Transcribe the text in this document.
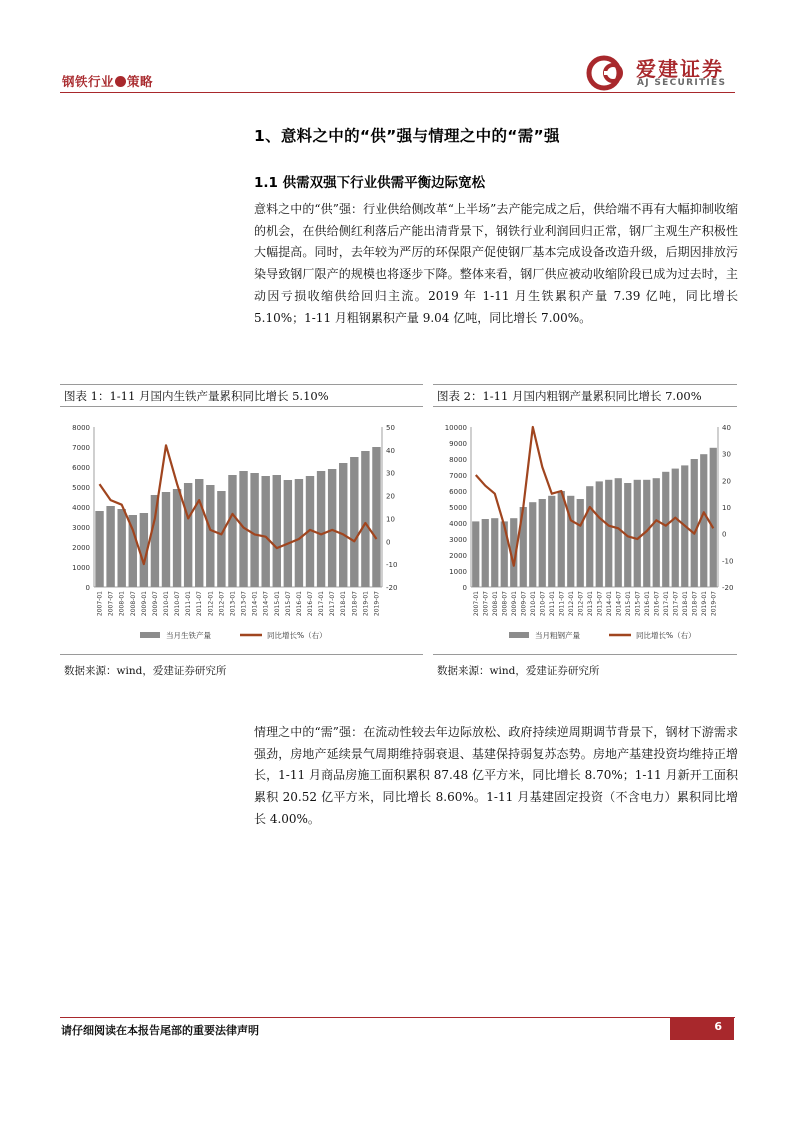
钢铁行业 策略
爱建证券
AJ SECURITIES
1、意料之中的“供”强与情理之中的“需”强
1.1 供需双强下行业供需平衡边际宽松
意料之中的“供”强：行业供给侧改革“上半场”去产能完成之后，供给端不再有大幅抑制收缩的机会，在供给侧红利落后产能出清背景下，钢铁行业利润回归正常，钢厂主观生产积极性大幅提高。同时，去年较为严厉的环保限产促使钢厂基本完成设备改造升级，后期因排放污染导致钢厂限产的规模也将逐步下降。整体来看，钢厂供应被动收缩阶段已成为过去时，主动因亏损收缩供给回归主流。2019 年 1-11 月生铁累积产量 7.39 亿吨，同比增长 5.10%；1-11 月粗钢累积产量 9.04 亿吨，同比增长 7.00%。
图表 1：1-11 月国内生铁产量累积同比增长 5.10%
0
1000
2000
3000
4000
5000
6000
7000
8000
-20
-10
0
10
20
30
40
50
2007-01 2007-07 2008-01 2008-07 2009-01 2009-07 2010-01 2010-07 2011-01 2011-07 2012-01 2012-07 2013-01 2013-07 2014-01 2014-07 2015-01 2015-07 2016-01 2016-07 2017-01 2017-07 2018-01 2018-07 2019-01 2019-07
当月生铁产量	同比增长%（右）
数据来源：wind，爱建证券研究所
图表 2：1-11 月国内粗钢产量累积同比增长 7.00%
0
1000
2000
3000
4000
5000
6000
7000
8000
9000
10000
-20
-10
0
10
20
30
40
2007-01 2007-07 2008-01 2008-07 2009-01 2009-07 2010-01 2010-07 2011-01 2011-07 2012-01 2012-07 2013-01 2013-07 2014-01 2014-07 2015-01 2015-07 2016-01 2016-07 2017-01 2017-07 2018-01 2018-07 2019-01 2019-07
当月粗钢产量	同比增长%（右）
数据来源：wind，爱建证券研究所
情理之中的“需”强：在流动性较去年边际放松、政府持续逆周期调节背景下，钢材下游需求强劲，房地产延续景气周期维持弱衰退、基建保持弱复苏态势。房地产基建投资均维持正增长，1-11 月商品房施工面积累积 87.48 亿平方米，同比增长 8.70%；1-11 月新开工面积累积 20.52 亿平方米，同比增长 8.60%。1-11 月基建固定投资（不含电力）累积同比增长 4.00%。
请仔细阅读在本报告尾部的重要法律声明	6
